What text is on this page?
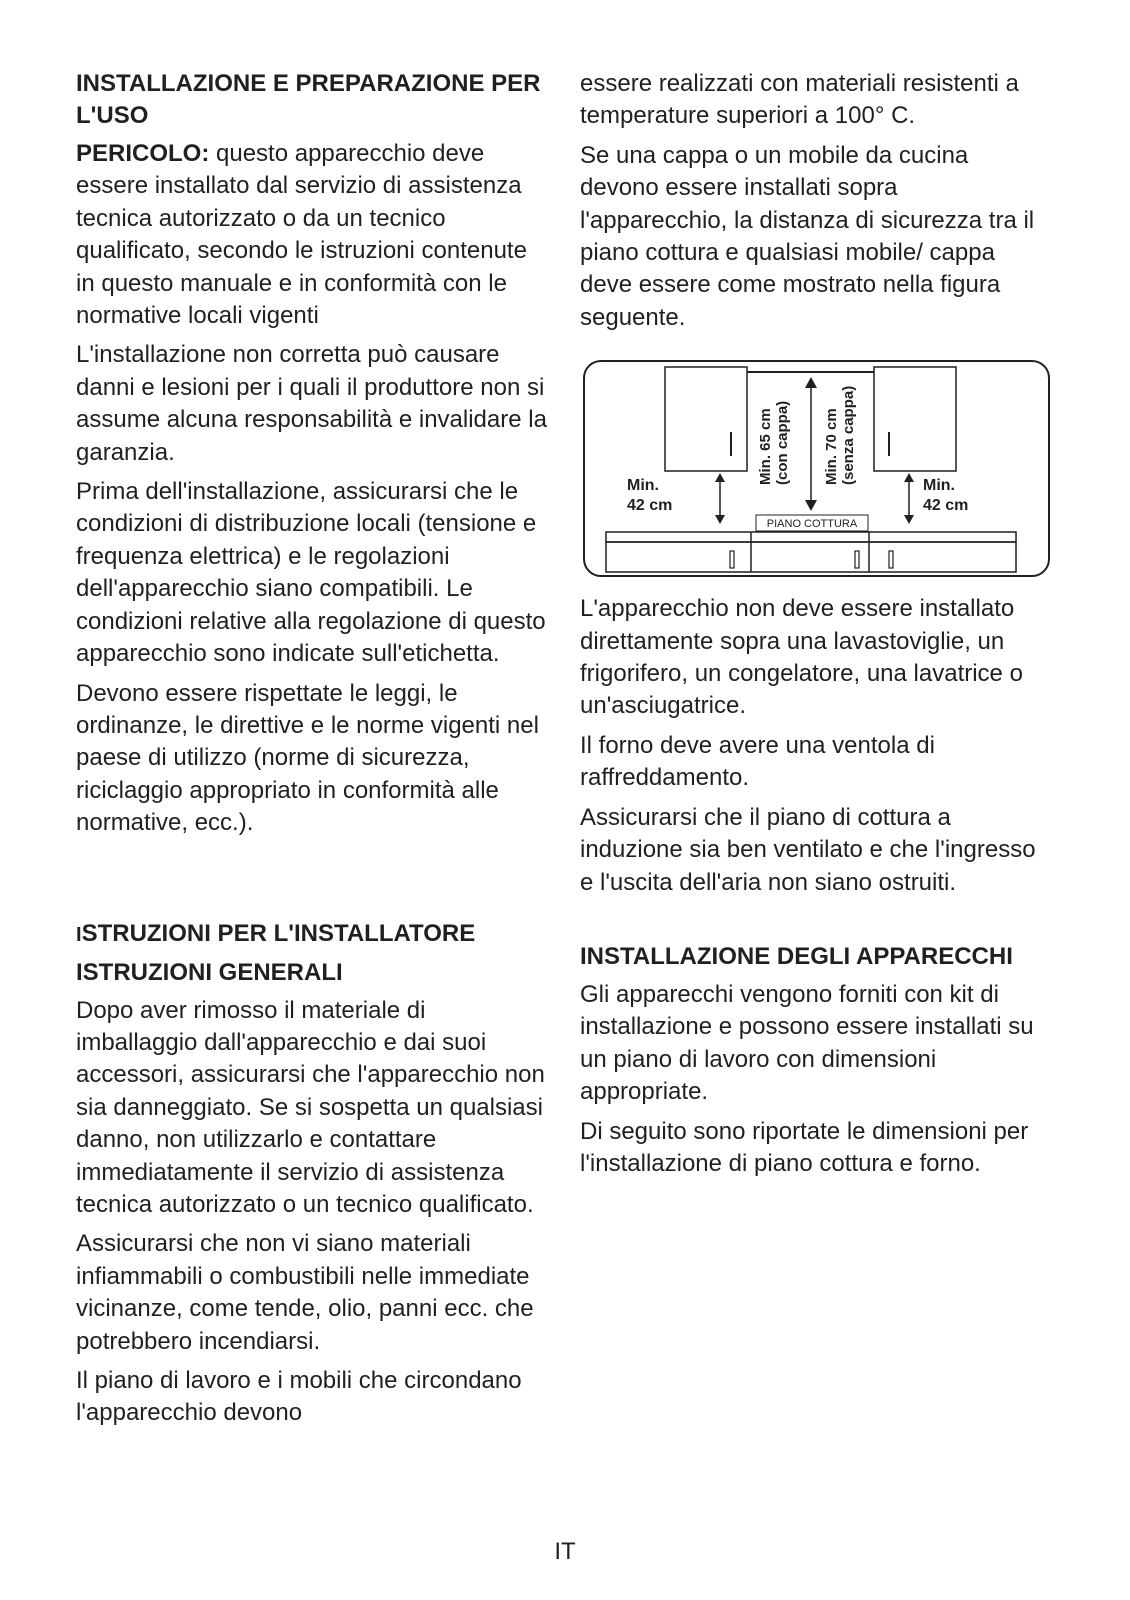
INSTALLAZIONE E PREPARAZIONE PER L'USO

PERICOLO: questo apparecchio deve essere installato dal servizio di assistenza tecnica autorizzato o da un tecnico qualificato, secondo le istruzioni contenute in questo manuale e in conformità con le normative locali vigenti

L'installazione non corretta può causare danni e lesioni per i quali il produttore non si assume alcuna responsabilità e invalidare la garanzia.

Prima dell'installazione, assicurarsi che le condizioni di distribuzione locali (tensione e frequenza elettrica) e le regolazioni dell'apparecchio siano compatibili. Le condizioni relative alla regolazione di questo apparecchio sono indicate sull'etichetta.

Devono essere rispettate le leggi, le ordinanze, le direttive e le norme vigenti nel paese di utilizzo (norme di sicurezza, riciclaggio appropriato in conformità alle normative, ecc.).

ISTRUZIONI PER L'INSTALLATORE
ISTRUZIONI GENERALI

Dopo aver rimosso il materiale di imballaggio dall'apparecchio e dai suoi accessori, assicurarsi che l'apparecchio non sia danneggiato. Se si sospetta un qualsiasi danno, non utilizzarlo e contattare immediatamente il servizio di assistenza tecnica autorizzato o un tecnico qualificato.

Assicurarsi che non vi siano materiali infiammabili o combustibili nelle immediate vicinanze, come tende, olio, panni ecc. che potrebbero incendiarsi.

Il piano di lavoro e i mobili che circondano l'apparecchio devono

essere realizzati con materiali resistenti a temperature superiori a 100° C.

Se una cappa o un mobile da cucina devono essere installati sopra l'apparecchio, la distanza di sicurezza tra il piano cottura e qualsiasi mobile/ cappa deve essere come mostrato nella figura seguente.

Min.
42 cm
Min.
42 cm
Min. 65 cm (con cappa) Min. 70 cm (senza cappa)
PIANO COTTURA

L'apparecchio non deve essere installato direttamente sopra una lavastoviglie, un frigorifero, un congelatore, una lavatrice o un'asciugatrice.

Il forno deve avere una ventola di raffreddamento.

Assicurarsi che il piano di cottura a induzione sia ben ventilato e che l'ingresso e l'uscita dell'aria non siano ostruiti.

INSTALLAZIONE DEGLI APPARECCHI

Gli apparecchi vengono forniti con kit di installazione e possono essere installati su un piano di lavoro con dimensioni appropriate.

Di seguito sono riportate le dimensioni per l'installazione di piano cottura e forno.

IT
